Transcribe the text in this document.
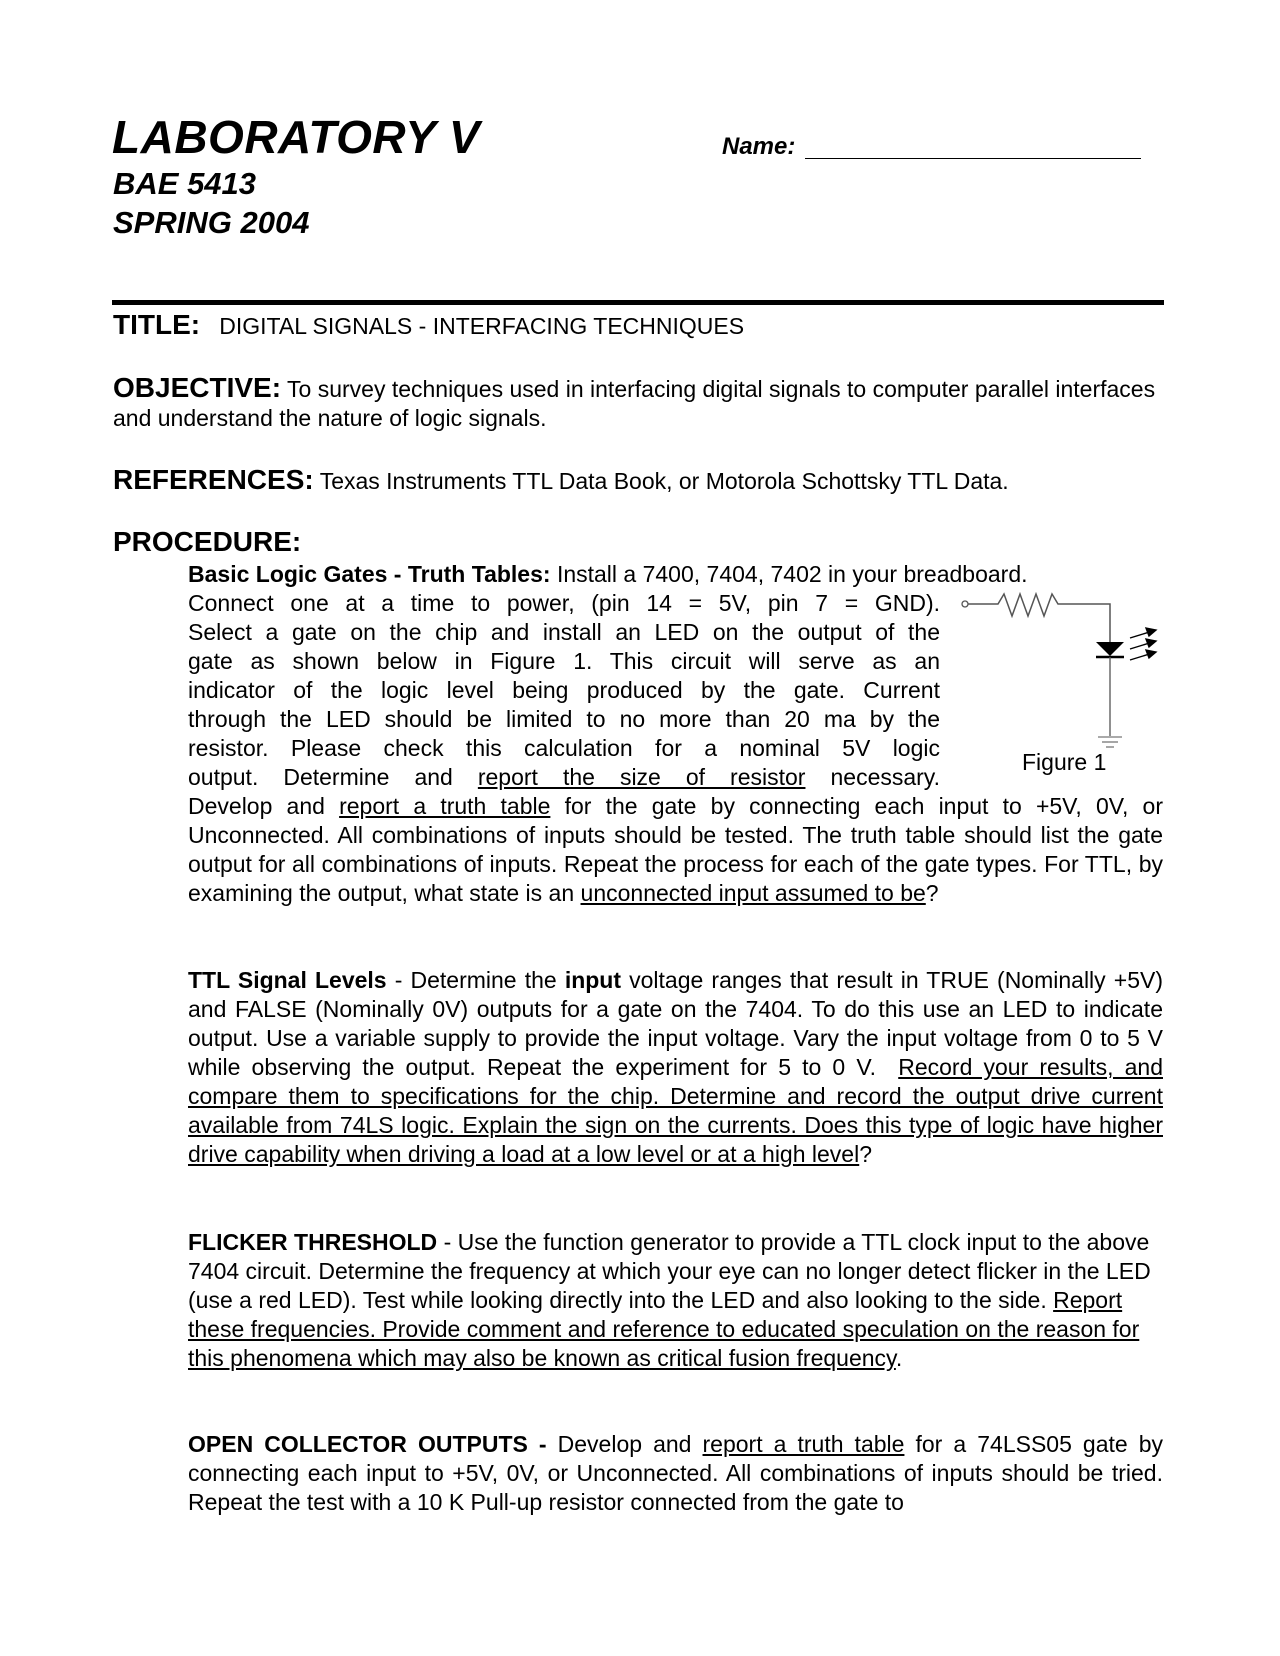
LABORATORY V
BAE 5413
SPRING 2004
Name:
TITLE: DIGITAL SIGNALS - INTERFACING TECHNIQUES
OBJECTIVE: To survey techniques used in interfacing digital signals to computer parallel interfaces and understand the nature of logic signals.
REFERENCES: Texas Instruments TTL Data Book, or Motorola Schottsky TTL Data.
PROCEDURE:
Basic Logic Gates - Truth Tables: Install a 7400, 7404, 7402 in your breadboard.
Connect one at a time to power, (pin 14 = 5V, pin 7 = GND).
Select a gate on the chip and install an LED on the output of the
gate as shown below in Figure 1. This circuit will serve as an
indicator of the logic level being produced by the gate. Current
through the LED should be limited to no more than 20 ma by the
resistor. Please check this calculation for a nominal 5V logic
output. Determine and report the size of resistor necessary.
Develop and report a truth table for the gate by connecting each input to +5V, 0V, or Unconnected. All combinations of inputs should be tested. The truth table should list the gate output for all combinations of inputs. Repeat the process for each of the gate types. For TTL, by examining the output, what state is an unconnected input assumed to be?
Figure 1
TTL Signal Levels - Determine the input voltage ranges that result in TRUE (Nominally +5V) and FALSE (Nominally 0V) outputs for a gate on the 7404. To do this use an LED to indicate output. Use a variable supply to provide the input voltage. Vary the input voltage from 0 to 5 V while observing the output. Repeat the experiment for 5 to 0 V. Record your results, and compare them to specifications for the chip. Determine and record the output drive current available from 74LS logic. Explain the sign on the currents. Does this type of logic have higher drive capability when driving a load at a low level or at a high level?
FLICKER THRESHOLD - Use the function generator to provide a TTL clock input to the above 7404 circuit. Determine the frequency at which your eye can no longer detect flicker in the LED (use a red LED). Test while looking directly into the LED and also looking to the side. Report these frequencies. Provide comment and reference to educated speculation on the reason for this phenomena which may also be known as critical fusion frequency.
OPEN COLLECTOR OUTPUTS - Develop and report a truth table for a 74LSS05 gate by connecting each input to +5V, 0V, or Unconnected. All combinations of inputs should be tried. Repeat the test with a 10 K Pull-up resistor connected from the gate to
